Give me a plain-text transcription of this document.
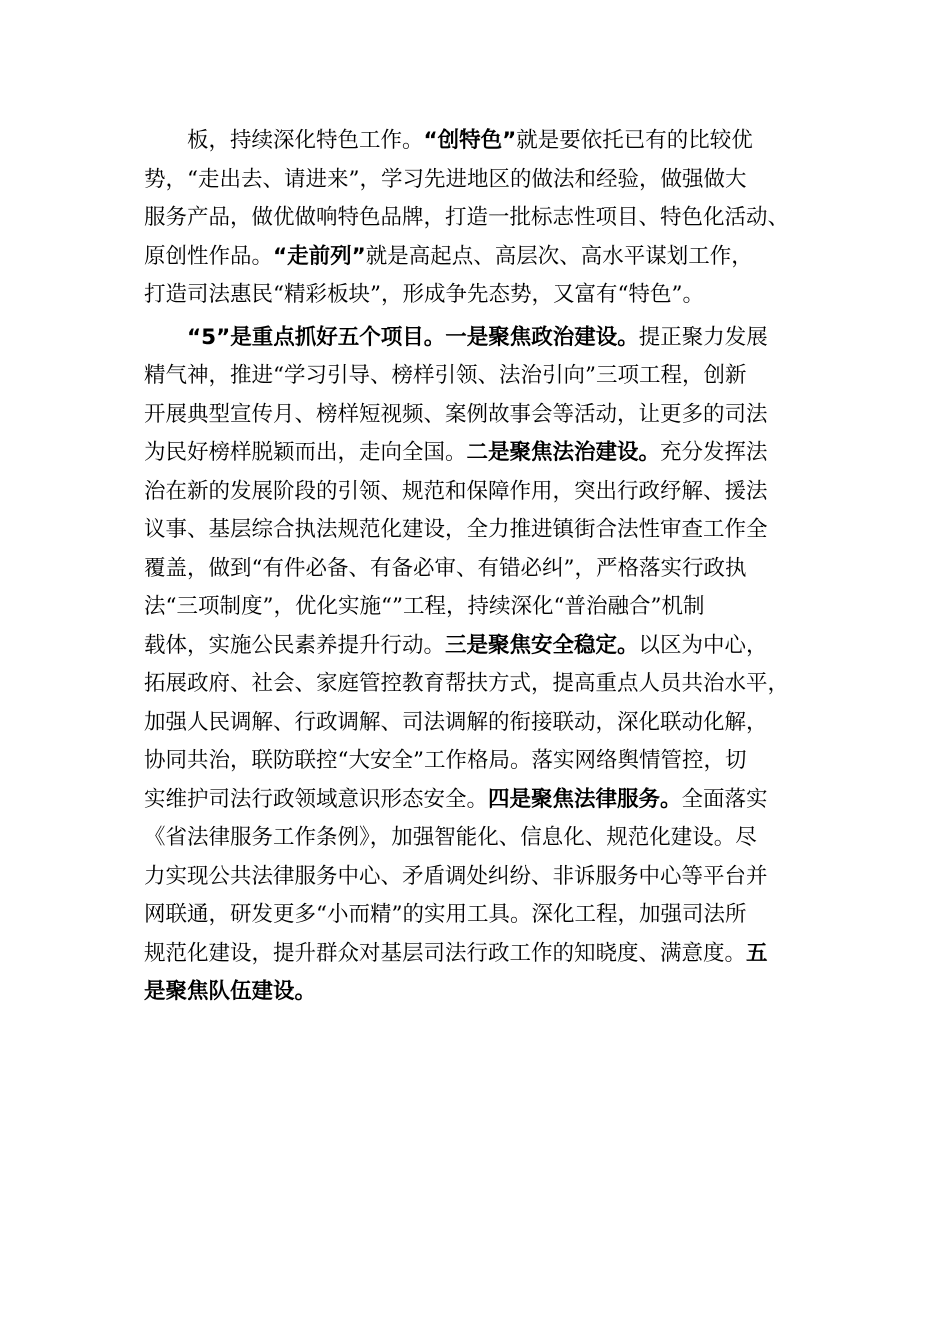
板，持续深化特色工作。“创特色”就是要依托已有的比较优
势，“走出去、请进来”，学习先进地区的做法和经验，做强做大
服务产品，做优做响特色品牌，打造一批标志性项目、特色化活动、
原创性作品。“走前列”就是高起点、高层次、高水平谋划工作，
打造司法惠民“精彩板块”，形成争先态势，又富有“特色”。
“5”是重点抓好五个项目。一是聚焦政治建设。提正聚力发展
精气神，推进“学习引导、榜样引领、法治引向”三项工程，创新
开展典型宣传月、榜样短视频、案例故事会等活动，让更多的司法
为民好榜样脱颖而出，走向全国。二是聚焦法治建设。充分发挥法
治在新的发展阶段的引领、规范和保障作用，突出行政纾解、援法
议事、基层综合执法规范化建设，全力推进镇街合法性审查工作全
覆盖，做到“有件必备、有备必审、有错必纠”，严格落实行政执
法“三项制度”，优化实施“”工程，持续深化“普治融合”机制
载体，实施公民素养提升行动。三是聚焦安全稳定。以区为中心，
拓展政府、社会、家庭管控教育帮扶方式，提高重点人员共治水平，
加强人民调解、行政调解、司法调解的衔接联动，深化联动化解，
协同共治，联防联控“大安全”工作格局。落实网络舆情管控，切
实维护司法行政领域意识形态安全。四是聚焦法律服务。全面落实
《省法律服务工作条例》，加强智能化、信息化、规范化建设。尽
力实现公共法律服务中心、矛盾调处纠纷、非诉服务中心等平台并
网联通，研发更多“小而精”的实用工具。深化工程，加强司法所
规范化建设，提升群众对基层司法行政工作的知晓度、满意度。五
是聚焦队伍建设。
